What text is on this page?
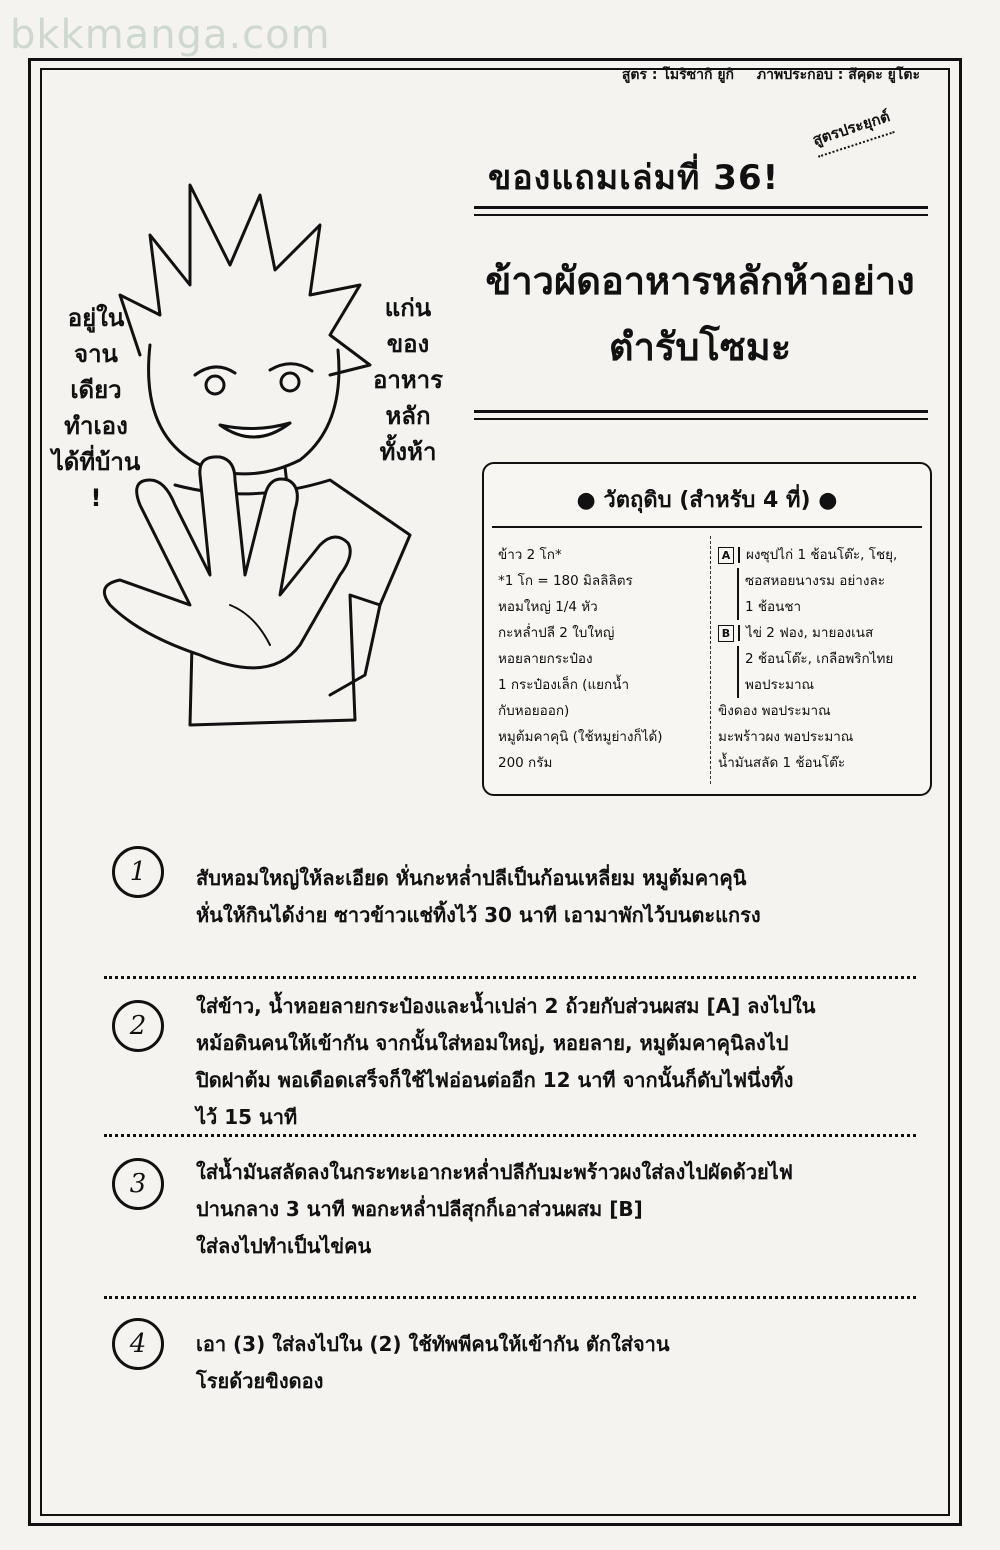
bkkmanga.com
สูตร : โมริซากิ ยูกิ ภาพประกอบ : สึคุดะ ยูโตะ
สูตรประยุกต์
ของแถมเล่มที่ 36!
ข้าวผัดอาหารหลักห้าอย่าง
ตำรับโซมะ
อยู่ใน
จานเดียว
ทำเอง
ได้ที่บ้าน
!
แก่น
ของ
อาหาร
หลัก
ทั้งห้า
● วัตถุดิบ (สำหรับ 4 ที่) ●
ข้าว 2 โก*
*1 โก = 180 มิลลิลิตร
หอมใหญ่ 1/4 หัว
กะหล่ำปลี 2 ใบใหญ่
หอยลายกระป๋อง
1 กระป๋องเล็ก (แยกน้ำ
กับหอยออก)
หมูต้มคาคุนิ (ใช้หมูย่างก็ได้)
200 กรัม
A ผงซุปไก่ 1 ช้อนโต๊ะ, โชยุ,
ซอสหอยนางรม อย่างละ
1 ช้อนชา
B ไข่ 2 ฟอง, มายองเนส
2 ช้อนโต๊ะ, เกลือพริกไทย
พอประมาณ
ขิงดอง พอประมาณ
มะพร้าวผง พอประมาณ
น้ำมันสลัด 1 ช้อนโต๊ะ
1	สับหอมใหญ่ให้ละเอียด หั่นกะหล่ำปลีเป็นก้อนเหลี่ยม หมูต้มคาคุนิ
หั่นให้กินได้ง่าย ซาวข้าวแช่ทิ้งไว้ 30 นาที เอามาพักไว้บนตะแกรง
2
ใส่ข้าว, น้ำหอยลายกระป๋องและน้ำเปล่า 2 ถ้วยกับส่วนผสม [A] ลงไปใน
หม้อดินคนให้เข้ากัน จากนั้นใส่หอมใหญ่, หอยลาย, หมูต้มคาคุนิลงไป
ปิดฝาต้ม พอเดือดเสร็จก็ใช้ไฟอ่อนต่ออีก 12 นาที จากนั้นก็ดับไฟนึ่งทิ้ง
ไว้ 15 นาที
3	ใส่น้ำมันสลัดลงในกระทะเอากะหล่ำปลีกับมะพร้าวผงใส่ลงไปผัดด้วยไฟ
ปานกลาง 3 นาที พอกะหล่ำปลีสุกก็เอาส่วนผสม [B]
ใส่ลงไปทำเป็นไข่คน
4	เอา (3) ใส่ลงไปใน (2) ใช้ทัพพีคนให้เข้ากัน ตักใส่จาน
โรยด้วยขิงดอง
